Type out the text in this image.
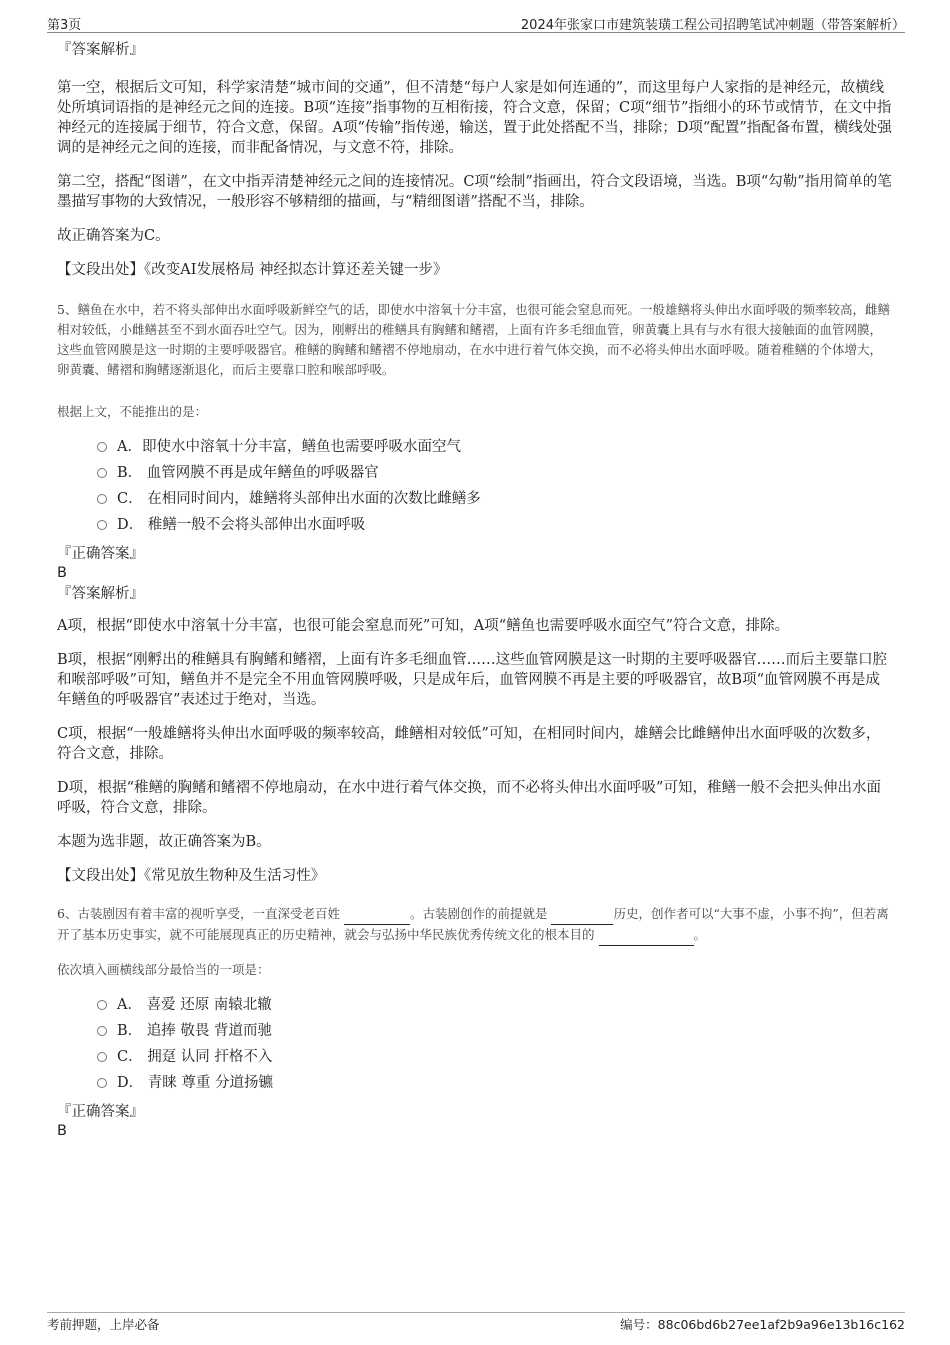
第3页	2024年张家口市建筑装璜工程公司招聘笔试冲刺题（带答案解析）
『答案解析』

第一空，根据后文可知，科学家清楚“城市间的交通”，但不清楚“每户人家是如何连通的”，而这里每户人家指的是神经元，故横线处所填词语指的是神经元之间的连接。B项“连接”指事物的互相衔接，符合文意，保留；C项“细节”指细小的环节或情节，在文中指神经元的连接属于细节，符合文意，保留。A项“传输”指传递，输送，置于此处搭配不当，排除；D项“配置”指配备布置，横线处强调的是神经元之间的连接，而非配备情况，与文意不符，排除。

第二空，搭配“图谱”，在文中指弄清楚神经元之间的连接情况。C项“绘制”指画出，符合文段语境，当选。B项“勾勒”指用简单的笔墨描写事物的大致情况，一般形容不够精细的描画，与“精细图谱”搭配不当，排除。

故正确答案为C。

【文段出处】《改变AI发展格局 神经拟态计算还差关键一步》

5、鳝鱼在水中，若不将头部伸出水面呼吸新鲜空气的话，即使水中溶氧十分丰富，也很可能会窒息而死。一般雄鳝将头伸出水面呼吸的频率较高，雌鳝相对较低，小雌鳝甚至不到水面吞吐空气。因为，刚孵出的稚鳝具有胸鳍和鳍褶，上面有许多毛细血管，卵黄囊上具有与水有很大接触面的血管网膜，这些血管网膜是这一时期的主要呼吸器官。稚鳝的胸鳍和鳍褶不停地扇动，在水中进行着气体交换，而不必将头伸出水面呼吸。随着稚鳝的个体增大，卵黄囊、鳍褶和胸鳍逐渐退化，而后主要靠口腔和喉部呼吸。

根据上文，不能推出的是：

A．即使水中溶氧十分丰富，鳝鱼也需要呼吸水面空气
B． 血管网膜不再是成年鳝鱼的呼吸器官
C． 在相同时间内，雄鳝将头部伸出水面的次数比雌鳝多
D． 稚鳝一般不会将头部伸出水面呼吸
『正确答案』
B
『答案解析』

A项，根据“即使水中溶氧十分丰富，也很可能会窒息而死”可知，A项“鳝鱼也需要呼吸水面空气”符合文意，排除。

B项，根据“刚孵出的稚鳝具有胸鳍和鳍褶，上面有许多毛细血管……这些血管网膜是这一时期的主要呼吸器官……而后主要靠口腔和喉部呼吸”可知，鳝鱼并不是完全不用血管网膜呼吸，只是成年后，血管网膜不再是主要的呼吸器官，故B项“血管网膜不再是成年鳝鱼的呼吸器官”表述过于绝对，当选。

C项，根据“一般雄鳝将头伸出水面呼吸的频率较高，雌鳝相对较低”可知，在相同时间内，雄鳝会比雌鳝伸出水面呼吸的次数多，符合文意，排除。

D项，根据“稚鳝的胸鳍和鳍褶不停地扇动，在水中进行着气体交换，而不必将头伸出水面呼吸”可知，稚鳝一般不会把头伸出水面呼吸，符合文意，排除。

本题为选非题，故正确答案为B。

【文段出处】《常见放生物种及生活习性》

6、古装剧因有着丰富的视听享受，一直深受老百姓	。古装剧创作的前提就是	历史，创作者可以“大事不虚，小事不拘”，但若离开了基本历史事实，就不可能展现真正的历史精神，就会与弘扬中华民族优秀传统文化的根本目的	。

依次填入画横线部分最恰当的一项是：

A． 喜爱 还原 南辕北辙
B． 追捧 敬畏 背道而驰
C． 拥趸 认同 扞格不入
D． 青睐 尊重 分道扬镳
『正确答案』
B
考前押题，上岸必备	编号：88c06bd6b27ee1af2b9a96e13b16c162
